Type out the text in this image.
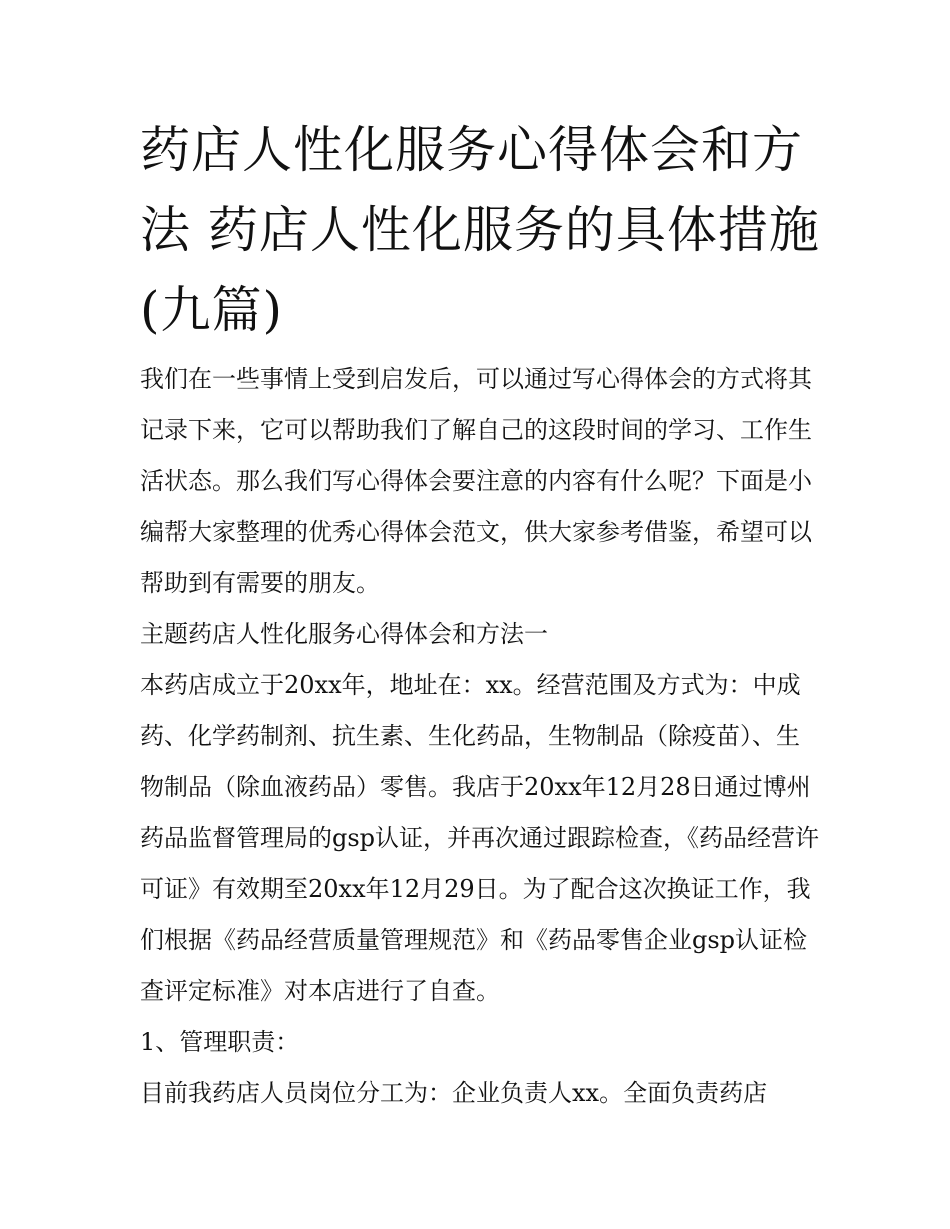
药店人性化服务心得体会和方法 药店人性化服务的具体措施(九篇)

我们在一些事情上受到启发后，可以通过写心得体会的方式将其记录下来，它可以帮助我们了解自己的这段时间的学习、工作生活状态。那么我们写心得体会要注意的内容有什么呢？下面是小编帮大家整理的优秀心得体会范文，供大家参考借鉴，希望可以帮助到有需要的朋友。

主题药店人性化服务心得体会和方法一

本药店成立于20xx年，地址在：xx。经营范围及方式为：中成药、化学药制剂、抗生素、生化药品，生物制品（除疫苗）、生物制品（除血液药品）零售。我店于20xx年12月28日通过博州药品监督管理局的gsp认证，并再次通过跟踪检查，《药品经营许可证》有效期至20xx年12月29日。为了配合这次换证工作，我们根据《药品经营质量管理规范》和《药品零售企业gsp认证检查评定标准》对本店进行了自查。

1、管理职责：

目前我药店人员岗位分工为：企业负责人xx。全面负责药店
